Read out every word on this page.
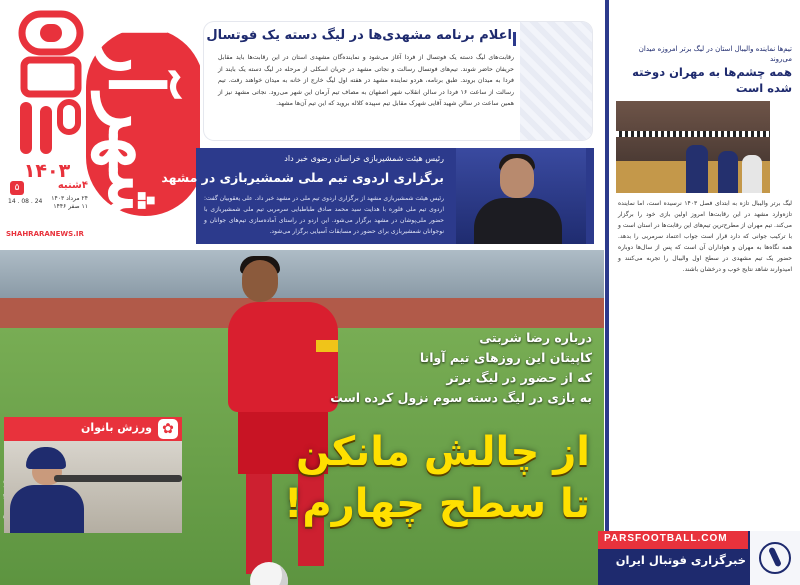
شهرآرا
۱۴۰۳
۴شنبه
۵
۲۴ مرداد ۱۴۰۳
۱۱ صفر ۱۴۴۶
14 . 08 . 24
SHAHRARANEWS.IR
اعلام برنامه مشهدی‌ها در لیگ دسته یک فوتسال
رقابت‌های لیگ دسته یک فوتسال از فردا آغاز می‌شود و نماینده‌گان مشهدی استان در این رقابت‌ها باید مقابل حریفان حاضر شوند. تیم‌های فوتسال رسالت و نجاتی مشهد در جریان اسکلی از مرحله در لیگ دسته یک بایند از فردا به میدان بروند. طبق برنامه، هردو نماینده مشهد در هفته اول لیگ خارج از خانه به میدان خواهند رفت. تیم رسالت از ساعت ۱۶ فردا در سالن انقلاب شهر اصفهان به مصاف تیم آرمان این شهر می‌رود. نجاتی مشهد نیز از همین ساعت در سالن شهید آقایی شهرک مقابل تیم سپیده کلاله بروید که این تیم آن‌ها مشهد.
رئیس هیئت شمشیربازی خراسان رضوی خبر داد
برگزاری اردوی تیم ملی شمشیربازی در مشهد
رئیس هیئت شمشیربازی مشهد از برگزاری اردوی تیم ملی در مشهد خبر داد. علی یعقوبیان گفت: اردوی تیم ملی فلوره با هدایت سید محمد صادق طباطبایی سرمربی تیم ملی شمشیربازی با حضور ملی‌پوشان در مشهد برگزار می‌شود. این اردو در راستای آماده‌سازی تیم‌های جوانان و نوجوانان شمشیربازی برای حضور در مسابقات آسیایی برگزار می‌شود.
درباره رضا شربتی
کاپیتان این روزهای تیم آوانا
که از حضور در لیگ برتر
به بازی در لیگ دسته سوم نزول کرده است
از چالش مانکن
تا سطح چهارم!
تیم‌ها نماینده والیبال استان در لیگ برتر امروزه میدان می‌روند
همه چشم‌ها به مهران دوخته شده است
لیگ برتر والیبال تازه به ابتدای فصل ۱۴۰۳ نرسیده است، اما نماینده تازه‌وارد مشهد در این رقابت‌ها امروز اولین بازی خود را برگزار می‌کند. تیم مهران از مطرح‌ترین تیم‌های این رقابت‌ها در استان است و با ترکیب جوانی که دارد قرار است جواب اعتماد سرمربی را بدهد. همه نگاه‌ها به مهران و هواداران آن است که پس از سال‌ها دوباره حضور یک تیم مشهدی در سطح اول والیبال را تجربه می‌کنند و امیدوارند شاهد نتایج خوب و درخشان باشند.
ورزش بانوان ✿
PARSFOOTBALL.COM
خبرگزاری فوتبال ایران
